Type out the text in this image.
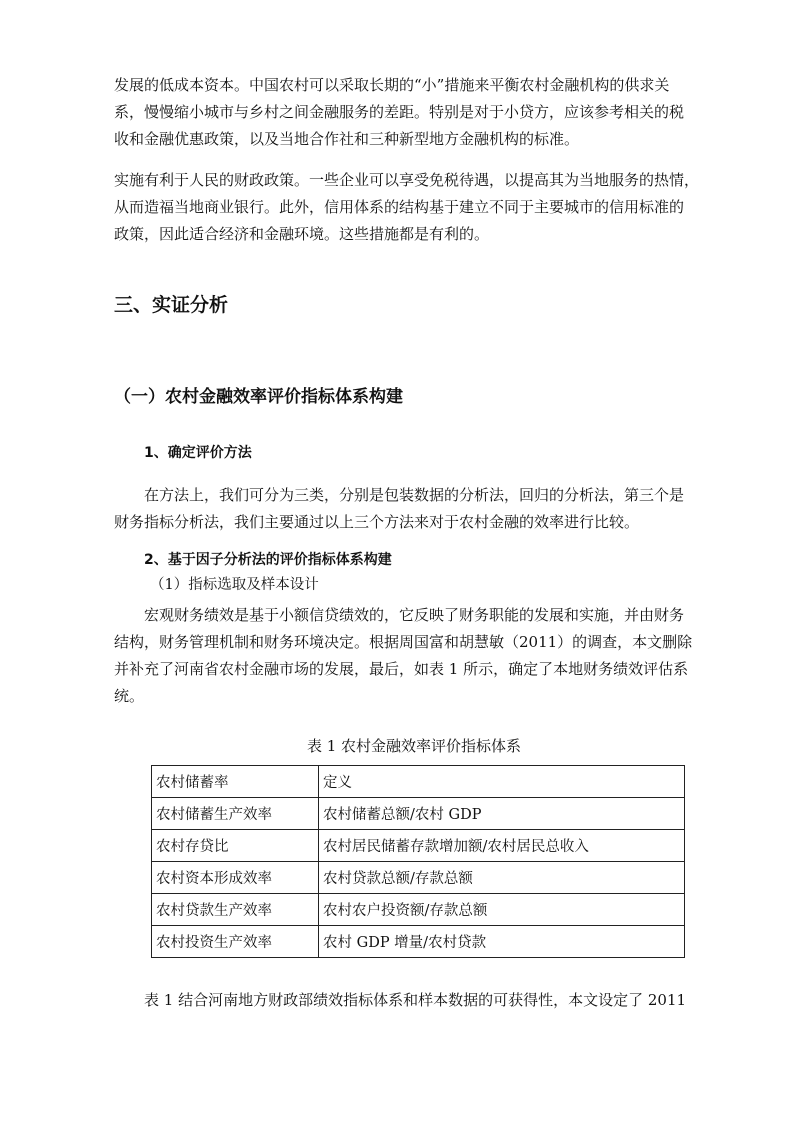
发展的低成本资本。中国农村可以采取长期的“小”措施来平衡农村金融机构的供求关

系，慢慢缩小城市与乡村之间金融服务的差距。特别是对于小贷方，应该参考相关的税

收和金融优惠政策，以及当地合作社和三种新型地方金融机构的标准。

实施有利于人民的财政政策。一些企业可以享受免税待遇，以提高其为当地服务的热情，

从而造福当地商业银行。此外，信用体系的结构基于建立不同于主要城市的信用标准的

政策，因此适合经济和金融环境。这些措施都是有利的。

三、实证分析
（一）农村金融效率评价指标体系构建
1、确定评价方法

在方法上，我们可分为三类，分别是包装数据的分析法，回归的分析法，第三个是

财务指标分析法，我们主要通过以上三个方法来对于农村金融的效率进行比较。

2、基于因子分析法的评价指标体系构建

（1）指标选取及样本设计

宏观财务绩效是基于小额信贷绩效的，它反映了财务职能的发展和实施，并由财务

结构，财务管理机制和财务环境决定。根据周国富和胡慧敏（2011）的调查，本文删除

并补充了河南省农村金融市场的发展，最后，如表 1 所示，确定了本地财务绩效评估系

统。

表 1 农村金融效率评价指标体系
农村储蓄率	定义
农村储蓄生产效率	农村储蓄总额/农村 GDP
农村存贷比	农村居民储蓄存款增加额/农村居民总收入
农村资本形成效率	农村贷款总额/存款总额
农村贷款生产效率	农村农户投资额/存款总额
农村投资生产效率	农村 GDP 增量/农村贷款

表 1 结合河南地方财政部绩效指标体系和样本数据的可获得性，本文设定了 2011
